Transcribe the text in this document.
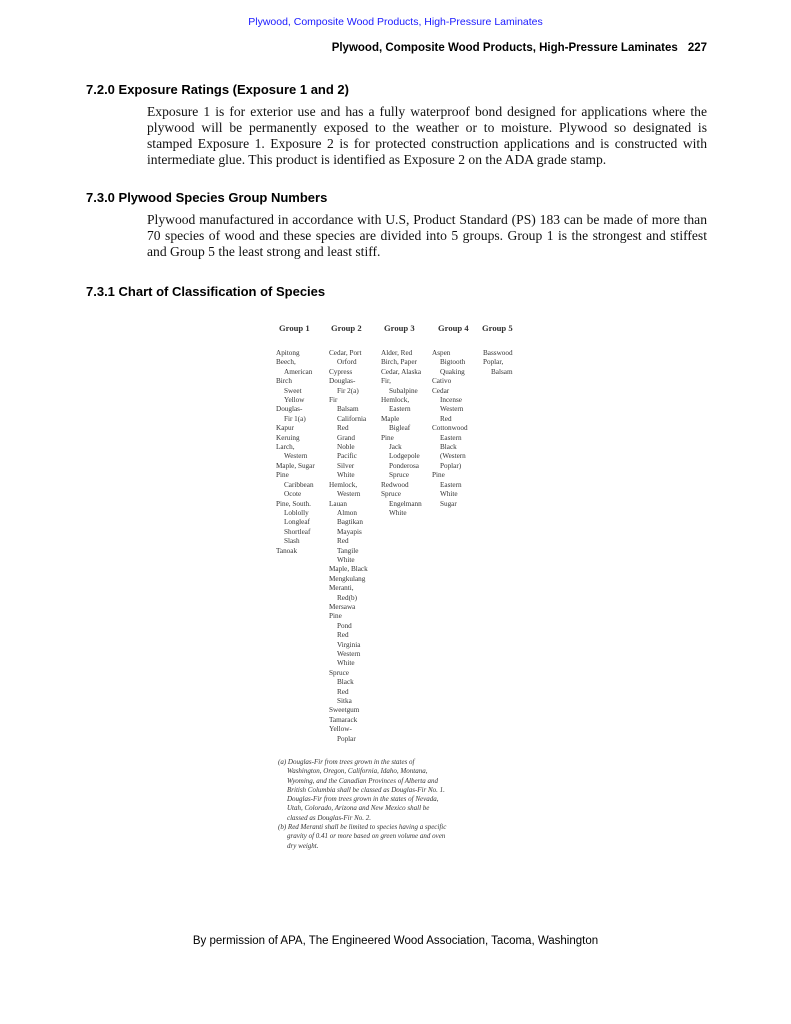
Plywood, Composite Wood Products, High-Pressure Laminates
Plywood, Composite Wood Products, High-Pressure Laminates 227
7.2.0 Exposure Ratings (Exposure 1 and 2)
Exposure 1 is for exterior use and has a fully waterproof bond designed for applications where the plywood will be permanently exposed to the weather or to moisture. Plywood so designated is stamped Exposure 1. Exposure 2 is for protected construction applications and is constructed with intermediate glue. This product is identified as Exposure 2 on the ADA grade stamp.
7.3.0 Plywood Species Group Numbers
Plywood manufactured in accordance with U.S, Product Standard (PS) 183 can be made of more than 70 species of wood and these species are divided into 5 groups. Group 1 is the strongest and stiffest and Group 5 the least strong and least stiff.
7.3.1 Chart of Classification of Species
Group 1 Group 2	Group 3	Group 4 Group 5
Apitong
Beech,
American
Birch
Sweet
Yellow
Douglas-
Fir 1(a)
Kapur
Keruing
Larch,
Western
Maple, Sugar
Pine
Caribbean
Ocote
Pine, South.
Loblolly
Longleaf
Shortleaf
Slash
Tanoak
Cedar, Port
Orford
Cypress
Douglas-
Fir 2(a)
Fir
Balsam
California
Red
Grand
Noble
Pacific
Silver
White
Hemlock,
Western
Lauan
Almon
Bagtikan
Mayapis
Red
Tangile
White
Maple, Black
Mengkulang
Meranti,
Red(b)
Mersawa
Pine
Pond
Red
Virginia
Western
White
Spruce
Black
Red
Sitka
Sweetgum
Tamarack
Yellow-
Poplar
Alder, Red
Birch, Paper
Cedar, Alaska
Fir,
Subalpine
Hemlock,
Eastern
Maple
Bigleaf
Pine
Jack
Lodgepole
Ponderosa
Spruce
Redwood
Spruce
Engelmann
White
Aspen
Bigtooth
Quaking
Cativo
Cedar
Incense
Western
Red
Cottonwood
Eastern
Black
(Western
Poplar)
Pine
Eastern
White
Sugar
Basswood
Poplar,
Balsam

(a) Douglas-Fir from trees grown in the states of Washington, Oregon, California, Idaho, Montana, Wyoming, and the Canadian Provinces of Alberta and British Columbia shall be classed as Douglas-Fir No. 1. Douglas-Fir from trees grown in the states of Nevada, Utah, Colorado, Arizona and New Mexico shall be classed as Douglas-Fir No. 2.

(b) Red Meranti shall be limited to species having a specific gravity of 0.41 or more based on green volume and oven dry weight.

By permission of APA, The Engineered Wood Association, Tacoma, Washington
